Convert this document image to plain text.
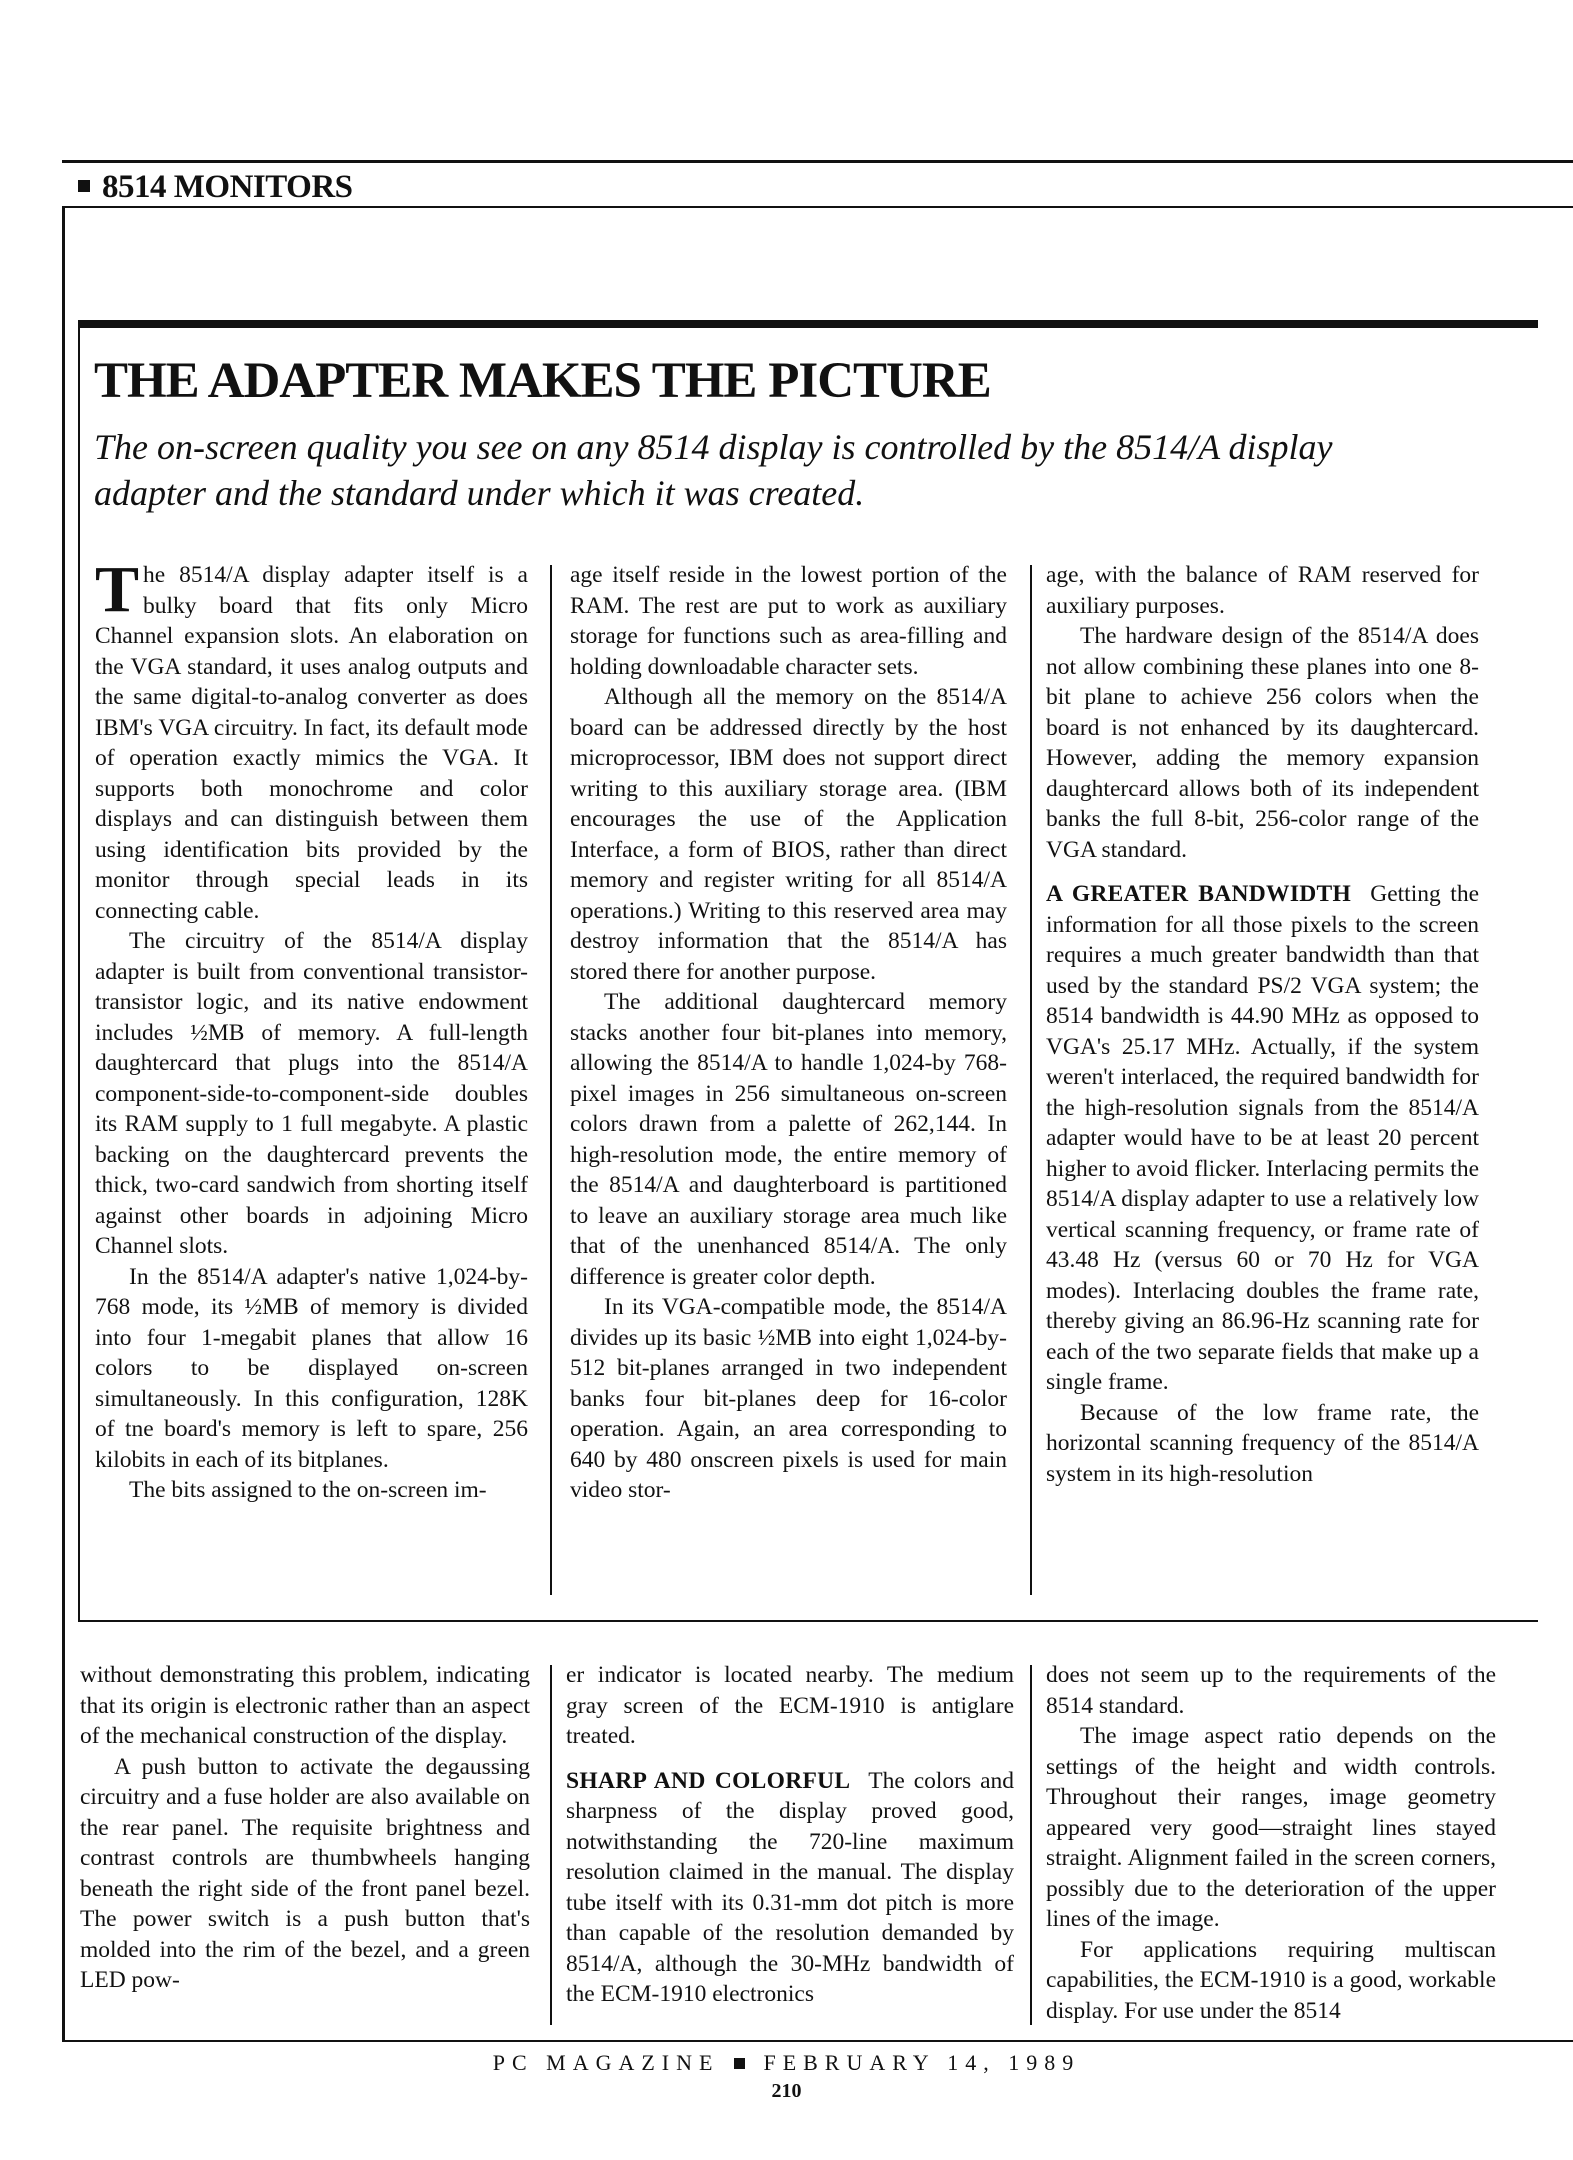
8514 MONITORS
THE ADAPTER MAKES THE PICTURE

The on-screen quality you see on any 8514 display is controlled by the 8514/A display adapter and the standard under which it was created.

The 8514/A display adapter itself is a bulky board that fits only Micro Channel expansion slots. An elaboration on the VGA standard, it uses analog outputs and the same digital-to-analog converter as does IBM's VGA circuitry. In fact, its default mode of operation exactly mimics the VGA. It supports both monochrome and color displays and can distinguish between them using identification bits provided by the monitor through special leads in its connecting cable.

The circuitry of the 8514/A display adapter is built from conventional transistor-transistor logic, and its native endowment includes ½MB of memory. A full-length daughtercard that plugs into the 8514/A component-side-to-component-side doubles its RAM supply to 1 full megabyte. A plastic backing on the daughtercard prevents the thick, two-card sandwich from shorting itself against other boards in adjoining Micro Channel slots.

In the 8514/A adapter's native 1,024-by-768 mode, its ½MB of memory is divided into four 1-megabit planes that allow 16 colors to be displayed on-screen simultaneously. In this configuration, 128K of tne board's memory is left to spare, 256 kilobits in each of its bitplanes.

The bits assigned to the on-screen im-

age itself reside in the lowest portion of the RAM. The rest are put to work as auxiliary storage for functions such as area-filling and holding downloadable character sets.

Although all the memory on the 8514/A board can be addressed directly by the host microprocessor, IBM does not support direct writing to this auxiliary storage area. (IBM encourages the use of the Application Interface, a form of BIOS, rather than direct memory and register writing for all 8514/A operations.) Writing to this reserved area may destroy information that the 8514/A has stored there for another purpose.

The additional daughtercard memory stacks another four bit-planes into memory, allowing the 8514/A to handle 1,024-by 768-pixel images in 256 simultaneous on-screen colors drawn from a palette of 262,144. In high-resolution mode, the entire memory of the 8514/A and daughterboard is partitioned to leave an auxiliary storage area much like that of the unenhanced 8514/A. The only difference is greater color depth.

In its VGA-compatible mode, the 8514/A divides up its basic ½MB into eight 1,024-by-512 bit-planes arranged in two independent banks four bit-planes deep for 16-color operation. Again, an area corresponding to 640 by 480 onscreen pixels is used for main video stor-

age, with the balance of RAM reserved for auxiliary purposes.

The hardware design of the 8514/A does not allow combining these planes into one 8-bit plane to achieve 256 colors when the board is not enhanced by its daughtercard. However, adding the memory expansion daughtercard allows both of its independent banks the full 8-bit, 256-color range of the VGA standard.

A GREATER BANDWIDTH Getting the information for all those pixels to the screen requires a much greater bandwidth than that used by the standard PS/2 VGA system; the 8514 bandwidth is 44.90 MHz as opposed to VGA's 25.17 MHz. Actually, if the system weren't interlaced, the required bandwidth for the high-resolution signals from the 8514/A adapter would have to be at least 20 percent higher to avoid flicker. Interlacing permits the 8514/A display adapter to use a relatively low vertical scanning frequency, or frame rate of 43.48 Hz (versus 60 or 70 Hz for VGA modes). Interlacing doubles the frame rate, thereby giving an 86.96-Hz scanning rate for each of the two separate fields that make up a single frame.

Because of the low frame rate, the horizontal scanning frequency of the 8514/A system in its high-resolution

without demonstrating this problem, indicating that its origin is electronic rather than an aspect of the mechanical construction of the display.

A push button to activate the degaussing circuitry and a fuse holder are also available on the rear panel. The requisite brightness and contrast controls are thumbwheels hanging beneath the right side of the front panel bezel. The power switch is a push button that's molded into the rim of the bezel, and a green LED pow-

er indicator is located nearby. The medium gray screen of the ECM-1910 is antiglare treated.

SHARP AND COLORFUL The colors and sharpness of the display proved good, notwithstanding the 720-line maximum resolution claimed in the manual. The display tube itself with its 0.31-mm dot pitch is more than capable of the resolution demanded by 8514/A, although the 30-MHz bandwidth of the ECM-1910 electronics

does not seem up to the requirements of the 8514 standard.

The image aspect ratio depends on the settings of the height and width controls. Throughout their ranges, image geometry appeared very good—straight lines stayed straight. Alignment failed in the screen corners, possibly due to the deterioration of the upper lines of the image.

For applications requiring multiscan capabilities, the ECM-1910 is a good, workable display. For use under the 8514

PC MAGAZINE FEBRUARY 14, 1989
210
